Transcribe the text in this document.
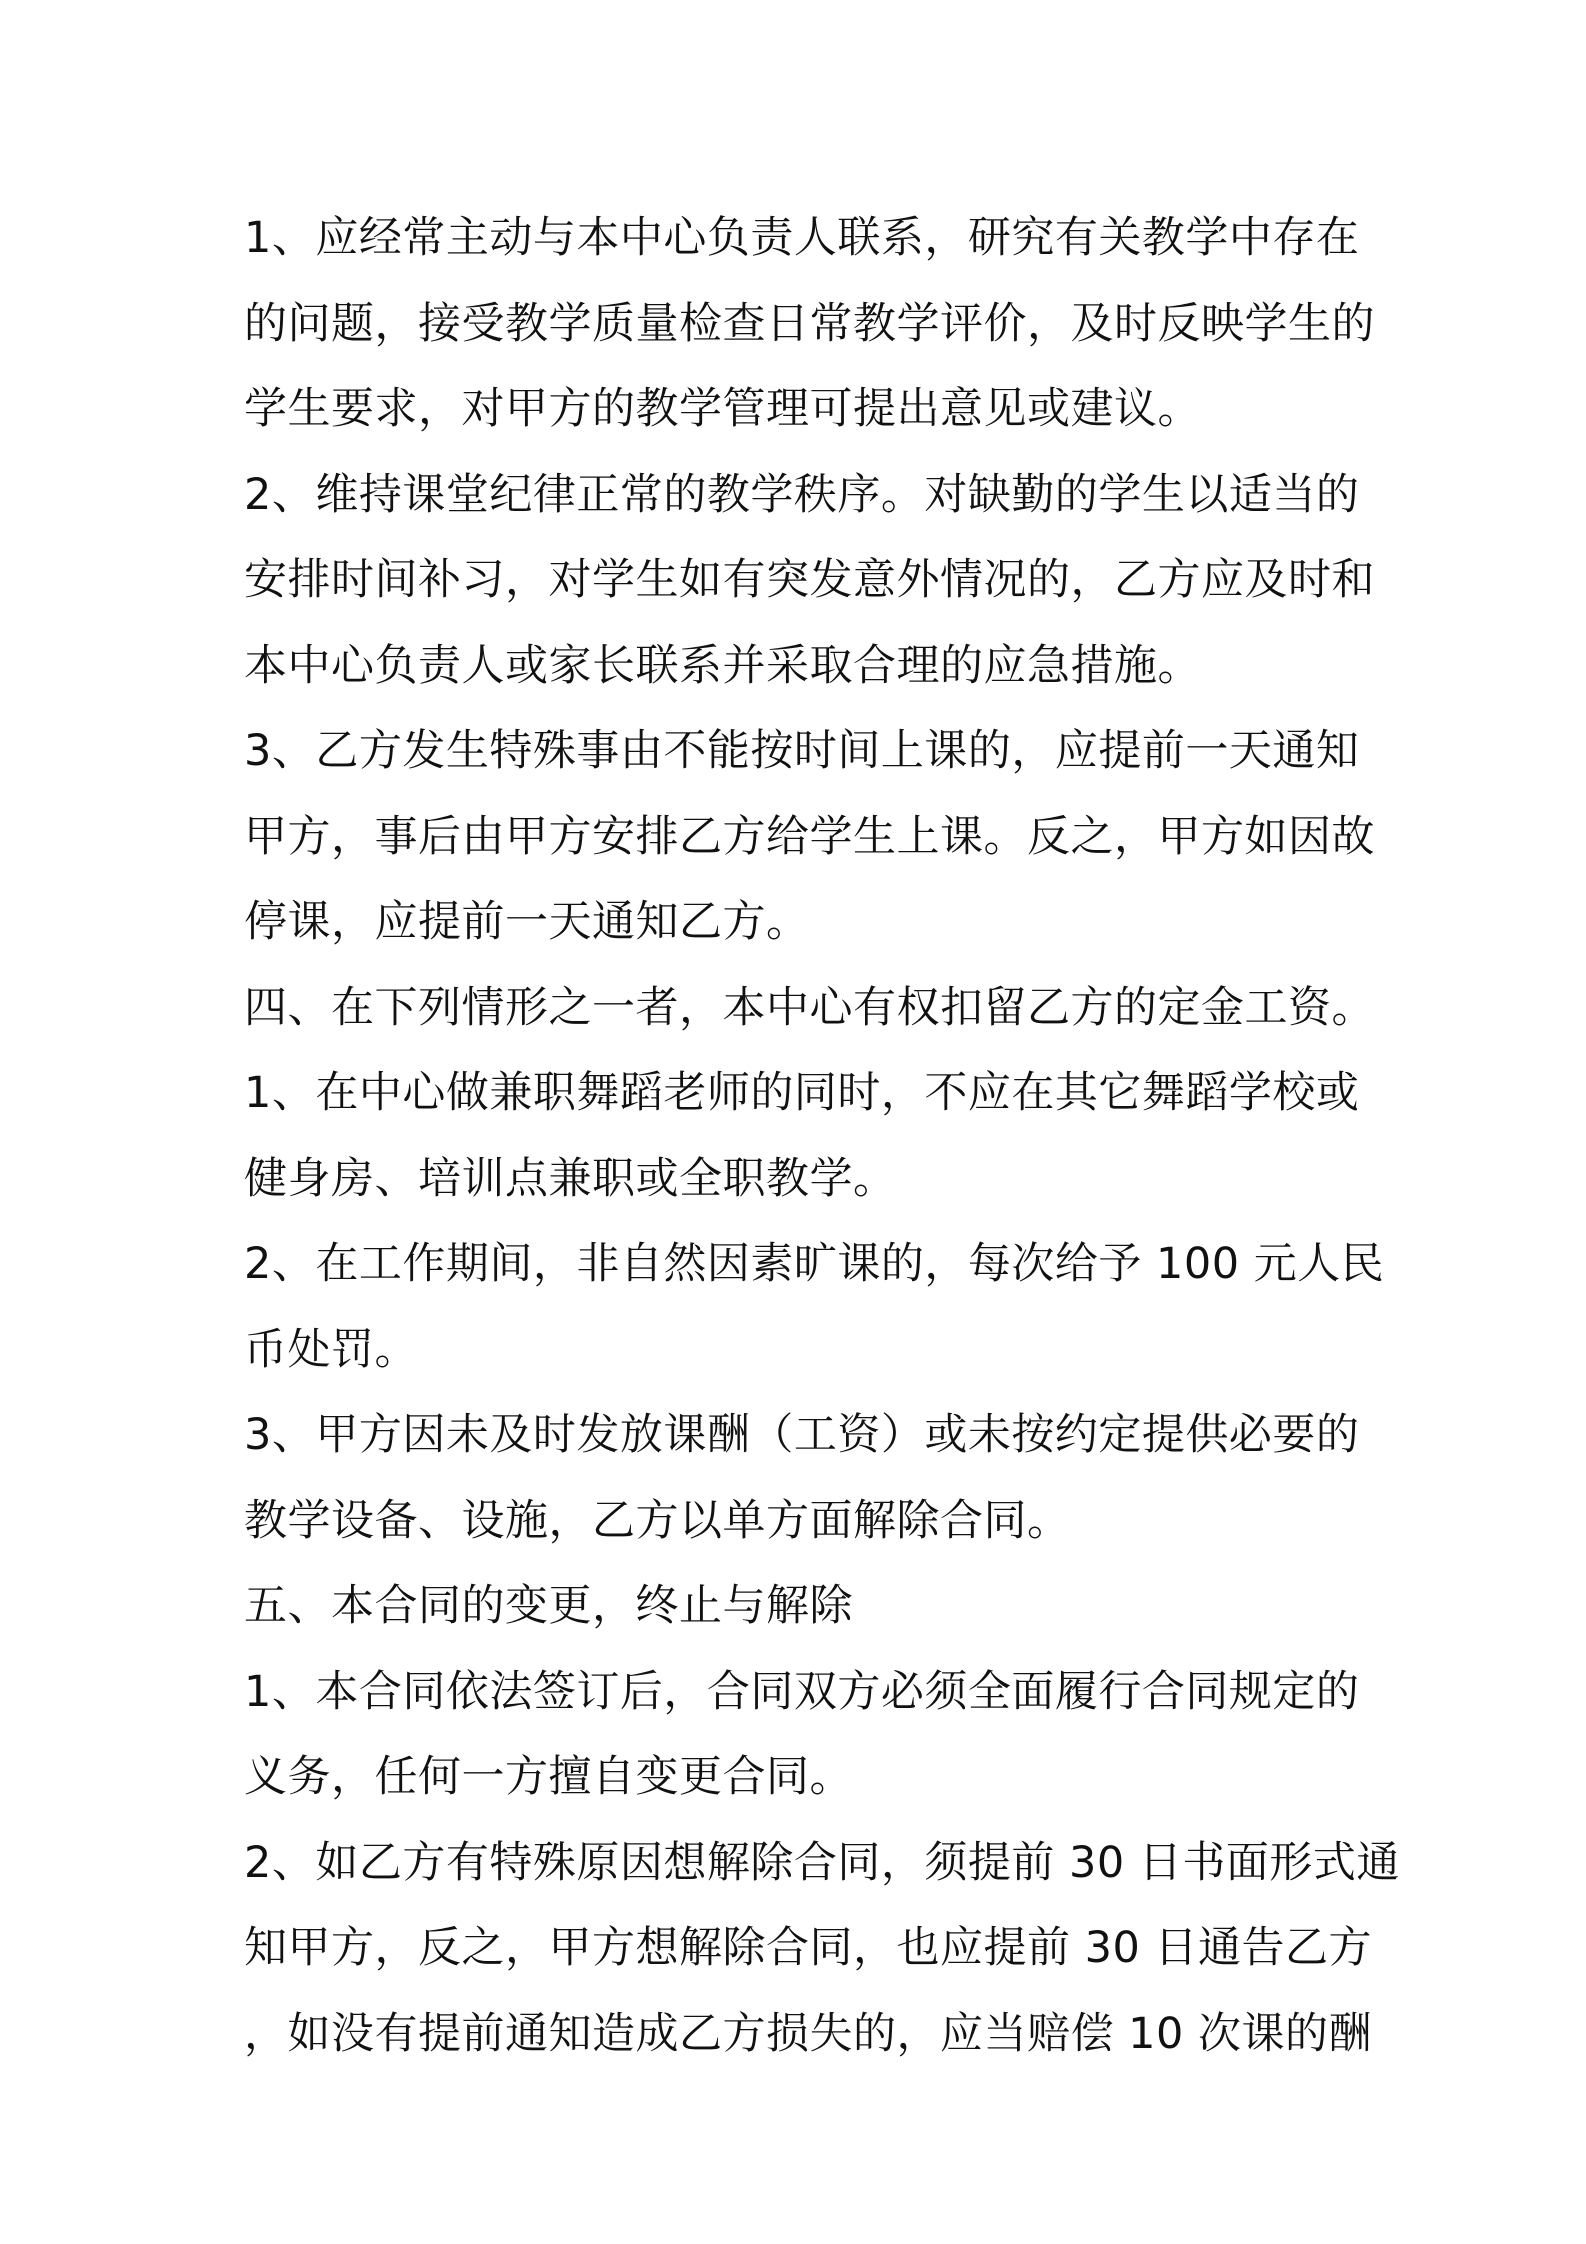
1、应经常主动与本中心负责人联系，研究有关教学中存在
的问题，接受教学质量检查日常教学评价，及时反映学生的
学生要求，对甲方的教学管理可提出意见或建议。
2、维持课堂纪律正常的教学秩序。对缺勤的学生以适当的
安排时间补习，对学生如有突发意外情况的，乙方应及时和
本中心负责人或家长联系并采取合理的应急措施。
3、乙方发生特殊事由不能按时间上课的，应提前一天通知
甲方，事后由甲方安排乙方给学生上课。反之，甲方如因故
停课，应提前一天通知乙方。
四、在下列情形之一者，本中心有权扣留乙方的定金工资。
1、在中心做兼职舞蹈老师的同时，不应在其它舞蹈学校或
健身房、培训点兼职或全职教学。
2、在工作期间，非自然因素旷课的，每次给予 100 元人民
币处罚。
3、甲方因未及时发放课酬（工资）或未按约定提供必要的
教学设备、设施，乙方以单方面解除合同。
五、本合同的变更，终止与解除
1、本合同依法签订后，合同双方必须全面履行合同规定的
义务，任何一方擅自变更合同。
2、如乙方有特殊原因想解除合同，须提前 30 日书面形式通
知甲方，反之，甲方想解除合同，也应提前 30 日通告乙方
，如没有提前通知造成乙方损失的，应当赔偿 10 次课的酬
